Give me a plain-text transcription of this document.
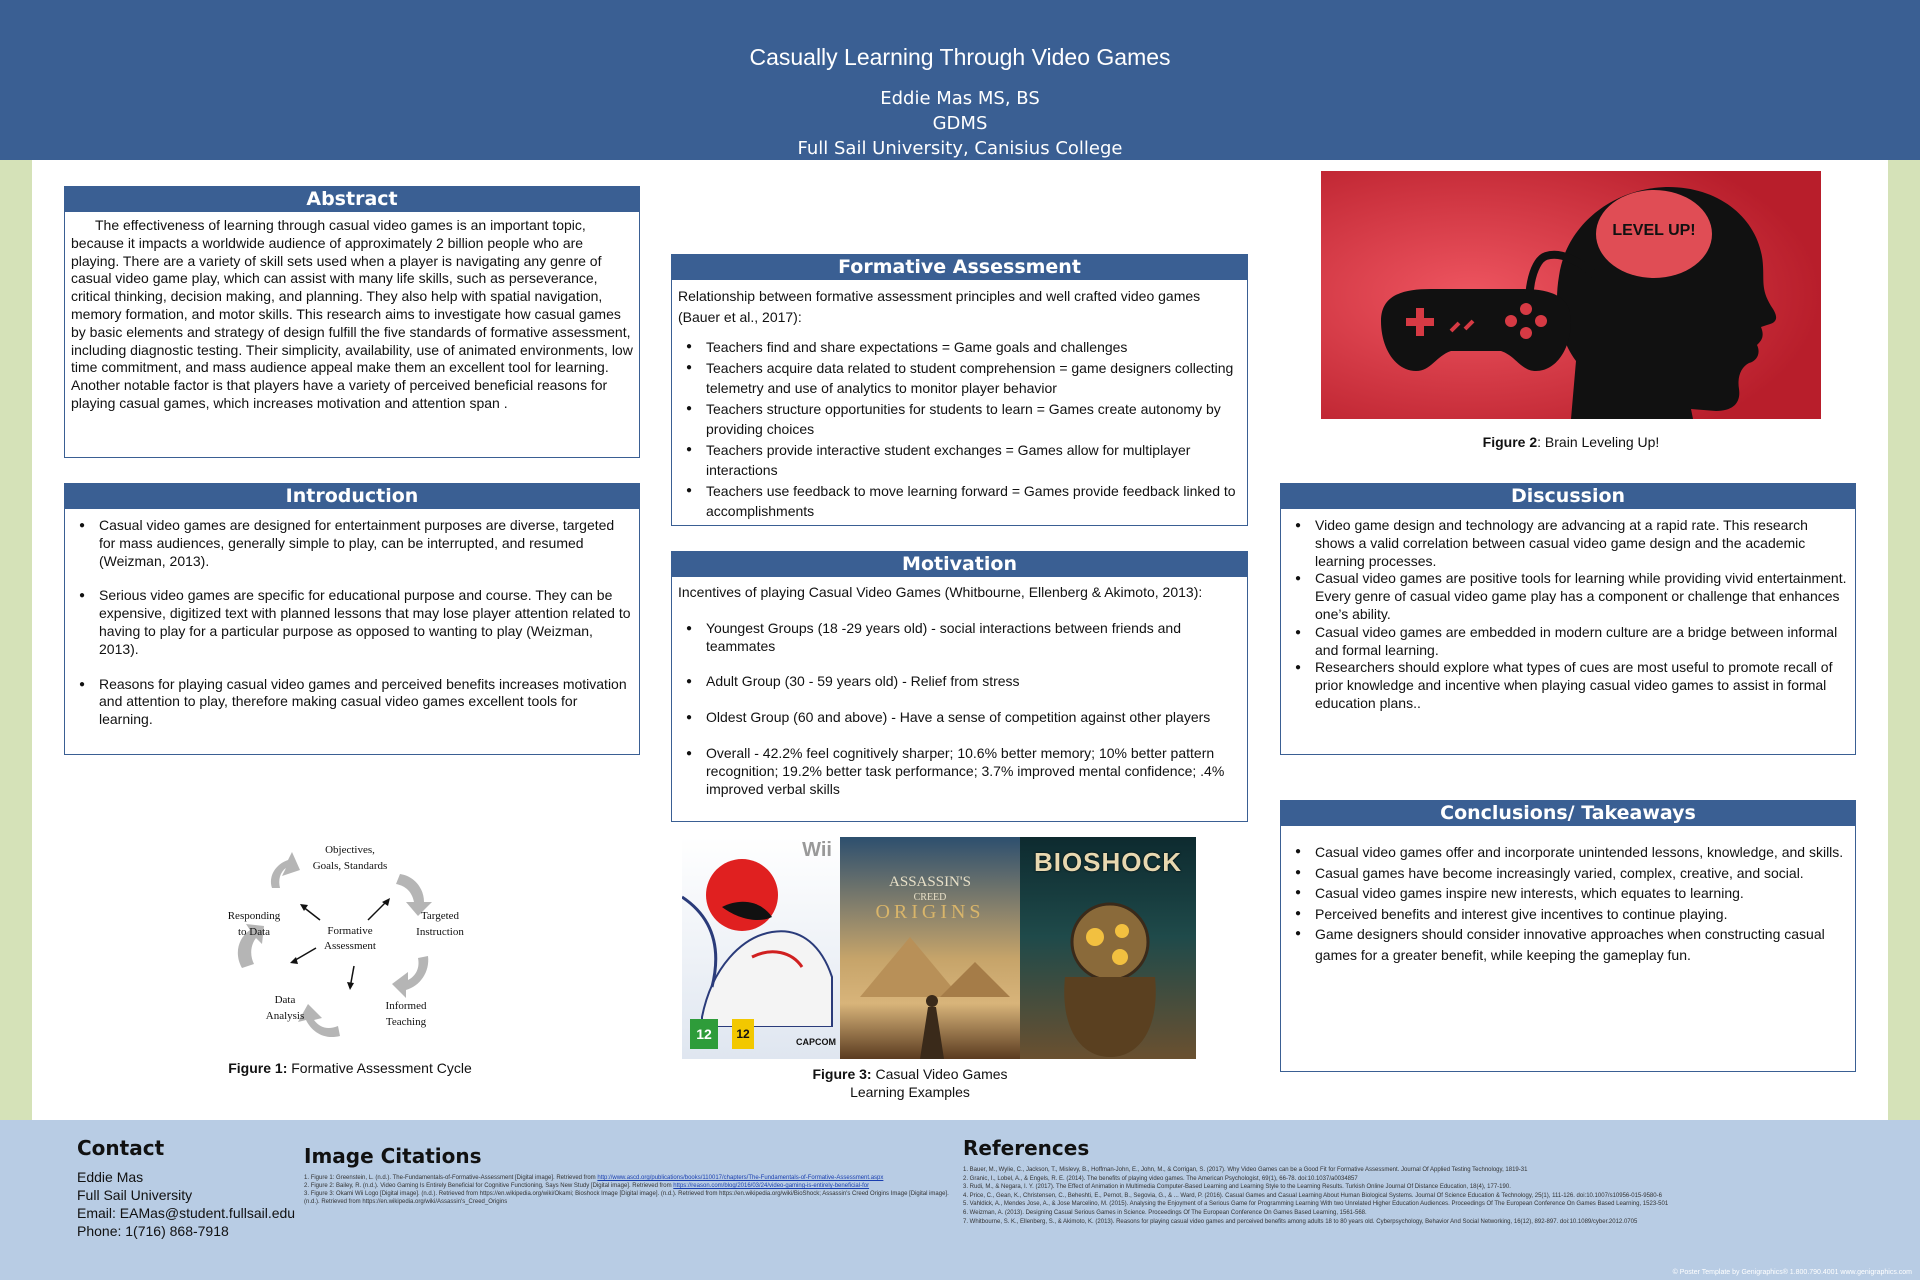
Casually Learning Through Video Games
Eddie Mas MS, BS
GDMS
Full Sail University, Canisius College
Abstract
The effectiveness of learning through casual video games is an important topic, because it impacts a worldwide audience of approximately 2 billion people who are playing. There are a variety of skill sets used when a player is navigating any genre of casual video game play, which can assist with many life skills, such as perseverance, critical thinking, decision making, and planning. They also help with spatial navigation, memory formation, and motor skills. This research aims to investigate how casual games by basic elements and strategy of design fulfill the five standards of formative assessment, including diagnostic testing. Their simplicity, availability, use of animated environments, low time commitment, and mass audience appeal make them an excellent tool for learning. Another notable factor is that players have a variety of perceived beneficial reasons for playing casual games, which increases motivation and attention span .
Introduction
● Casual video games are designed for entertainment purposes are diverse, targeted for mass audiences, generally simple to play, can be interrupted, and resumed (Weizman, 2013).
● Serious video games are specific for educational purpose and course. They can be expensive, digitized text with planned lessons that may lose player attention related to having to play for a particular purpose as opposed to wanting to play (Weizman, 2013).
● Reasons for playing casual video games and perceived benefits increases motivation and attention to play, therefore making casual video games excellent tools for learning.
Formative Assessment
Relationship between formative assessment principles and well crafted video games (Bauer et al., 2017):
● Teachers find and share expectations = Game goals and challenges
● Teachers acquire data related to student comprehension = game designers collecting telemetry and use of analytics to monitor player behavior
● Teachers structure opportunities for students to learn = Games create autonomy by providing choices
● Teachers provide interactive student exchanges = Games allow for multiplayer interactions
● Teachers use feedback to move learning forward = Games provide feedback linked to accomplishments
Motivation
Incentives of playing Casual Video Games (Whitbourne, Ellenberg & Akimoto, 2013):
● Youngest Groups (18 -29 years old) - social interactions between friends and teammates
● Adult Group (30 - 59 years old) - Relief from stress
● Oldest Group (60 and above) - Have a sense of competition against other players
● Overall - 42.2% feel cognitively sharper; 10.6% better memory; 10% better pattern recognition; 19.2% better task performance; 3.7% improved mental confidence; .4% improved verbal skills
LEVEL UP!
Figure 2: Brain Leveling Up!
Discussion
● Video game design and technology are advancing at a rapid rate. This research shows a valid correlation between casual video game design and the academic learning processes.
● Casual video games are positive tools for learning while providing vivid entertainment. Every genre of casual video game play has a component or challenge that enhances one’s ability.
● Casual video games are embedded in modern culture are a bridge between informal and formal learning.
● Researchers should explore what types of cues are most useful to promote recall of prior knowledge and incentive when playing casual video games to assist in formal education plans..
Conclusions/ Takeaways
● Casual video games offer and incorporate unintended lessons, knowledge, and skills.
● Casual games have become increasingly varied, complex, creative, and social.
● Casual video games inspire new interests, which equates to learning.
● Perceived benefits and interest give incentives to continue playing.
● Game designers should consider innovative approaches when constructing casual games for a greater benefit, while keeping the gameplay fun.
Formative
Assessment
Objectives,
Goals, Standards
Targeted
Instruction
Informed
Teaching
Data
Analysis
Responding
to Data
Figure 1: Formative Assessment Cycle
Wii
12	12
CAPCOM
ASSASSIN'S
CREED
ORIGINS
BIOSHOCK
Figure 3: Casual Video Games
Learning Examples
Contact
Eddie Mas
Full Sail University
Email: EAMas@student.fullsail.edu
Phone: 1(716) 868-7918
Image Citations
1. Figure 1: Greenstein, L. (n.d.). The-Fundamentals-of-Formative-Assessment [Digital image]. Retrieved from http://www.ascd.org/publications/books/110017/chapters/The-Fundamentals-of-Formative-Assessment.aspx
2. Figure 2: Bailey, R. (n.d.). Video Gaming Is Entirely Beneficial for Cognitive Functioning, Says New Study [Digital image]. Retrieved from https://reason.com/blog/2016/03/24/video-gaming-is-entirely-beneficial-for
3. Figure 3: Okami Wii Logo [Digital image]. (n.d.). Retrieved from https://en.wikipedia.org/wiki/Okami; Bioshock Image [Digital image]. (n.d.). Retrieved from https://en.wikipedia.org/wiki/BioShock; Assassin's Creed Origins Image [Digital image]. (n.d.). Retrieved from https://en.wikipedia.org/wiki/Assassin's_Creed_Origins
References
1. Bauer, M., Wylie, C., Jackson, T., Mislevy, B., Hoffman-John, E., John, M., & Corrigan, S. (2017). Why Video Games can be a Good Fit for Formative Assessment. Journal Of Applied Testing Technology, 1819-31
2. Granic, I., Lobel, A., & Engels, R. E. (2014). The benefits of playing video games. The American Psychologist, 69(1), 66-78. doi:10.1037/a0034857
3. Rudi, M., & Negara, I. Y. (2017). The Effect of Animation in Multimedia Computer-Based Learning and Learning Style to the Learning Results. Turkish Online Journal Of Distance Education, 18(4), 177-190.
4. Price, C., Gean, K., Christensen, C., Beheshti, E., Pernot, B., Segovia, G., & ... Ward, P. (2016). Casual Games and Casual Learning About Human Biological Systems. Journal Of Science Education & Technology, 25(1), 111-126. doi:10.1007/s10956-015-9580-6
5. Vahldick, A., Mendes Jose, A., & Jose Marcelino, M. (2015). Analysing the Enjoyment of a Serious Game for Programming Learning With two Unrelated Higher Education Audiences. Proceedings Of The European Conference On Games Based Learning, 1523-501
6. Weizman, A. (2013). Designing Casual Serious Games in Science. Proceedings Of The European Conference On Games Based Learning, 1561-568.
7. Whitbourne, S. K., Ellenberg, S., & Akimoto, K. (2013). Reasons for playing casual video games and perceived benefits among adults 18 to 80 years old. Cyberpsychology, Behavior And Social Networking, 16(12), 892-897. doi:10.1089/cyber.2012.0705
© Poster Template by Genigraphics® 1.800.790.4001 www.genigraphics.com
